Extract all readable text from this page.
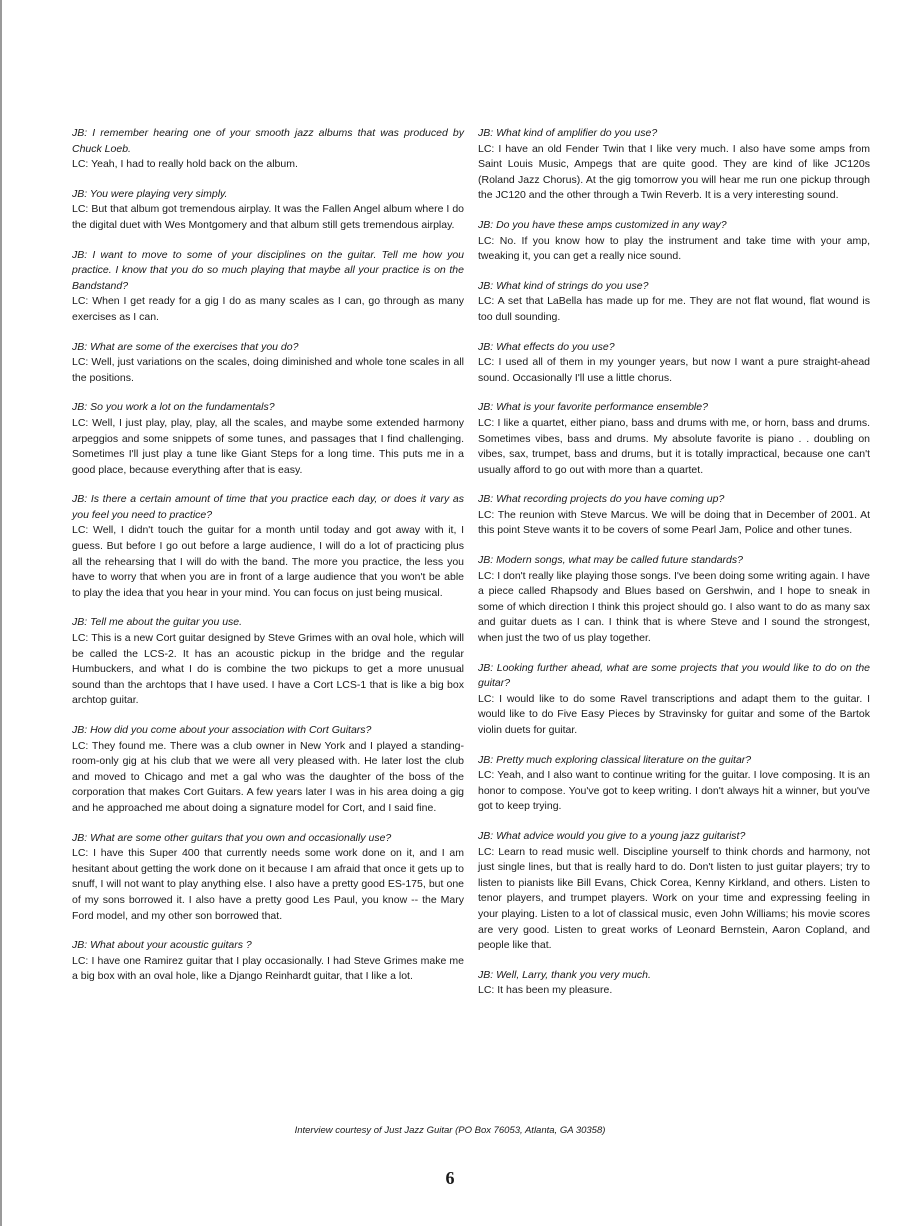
JB: I remember hearing one of your smooth jazz albums that was produced by Chuck Loeb.
LC: Yeah, I had to really hold back on the album.
JB: You were playing very simply.
LC: But that album got tremendous airplay. It was the Fallen Angel album where I do the digital duet with Wes Montgomery and that album still gets tremendous airplay.
JB: I want to move to some of your disciplines on the guitar. Tell me how you practice. I know that you do so much playing that maybe all your practice is on the Bandstand?
LC: When I get ready for a gig I do as many scales as I can, go through as many exercises as I can.
JB: What are some of the exercises that you do?
LC: Well, just variations on the scales, doing diminished and whole tone scales in all the positions.
JB: So you work a lot on the fundamentals?
LC: Well, I just play, play, play, all the scales, and maybe some extended harmony arpeggios and some snippets of some tunes, and passages that I find challenging. Sometimes I'll just play a tune like Giant Steps for a long time. This puts me in a good place, because everything after that is easy.
JB: Is there a certain amount of time that you practice each day, or does it vary as you feel you need to practice?
LC: Well, I didn't touch the guitar for a month until today and got away with it, I guess. But before I go out before a large audience, I will do a lot of practicing plus all the rehearsing that I will do with the band. The more you practice, the less you have to worry that when you are in front of a large audience that you won't be able to play the idea that you hear in your mind. You can focus on just being musical.
JB: Tell me about the guitar you use.
LC: This is a new Cort guitar designed by Steve Grimes with an oval hole, which will be called the LCS-2. It has an acoustic pickup in the bridge and the regular Humbuckers, and what I do is combine the two pickups to get a more unusual sound than the archtops that I have used. I have a Cort LCS-1 that is like a big box archtop guitar.
JB: How did you come about your association with Cort Guitars?
LC: They found me. There was a club owner in New York and I played a standing-room-only gig at his club that we were all very pleased with. He later lost the club and moved to Chicago and met a gal who was the daughter of the boss of the corporation that makes Cort Guitars. A few years later I was in his area doing a gig and he approached me about doing a signature model for Cort, and I said fine.
JB: What are some other guitars that you own and occasionally use?
LC: I have this Super 400 that currently needs some work done on it, and I am hesitant about getting the work done on it because I am afraid that once it gets up to snuff, I will not want to play anything else. I also have a pretty good ES-175, but one of my sons borrowed it. I also have a pretty good Les Paul, you know -- the Mary Ford model, and my other son borrowed that.
JB: What about your acoustic guitars ?
LC: I have one Ramirez guitar that I play occasionally. I had Steve Grimes make me a big box with an oval hole, like a Django Reinhardt guitar, that I like a lot.
JB: What kind of amplifier do you use?
LC: I have an old Fender Twin that I like very much. I also have some amps from Saint Louis Music, Ampegs that are quite good. They are kind of like JC120s (Roland Jazz Chorus). At the gig tomorrow you will hear me run one pickup through the JC120 and the other through a Twin Reverb. It is a very interesting sound.
JB: Do you have these amps customized in any way?
LC: No. If you know how to play the instrument and take time with your amp, tweaking it, you can get a really nice sound.
JB: What kind of strings do you use?
LC: A set that LaBella has made up for me. They are not flat wound, flat wound is too dull sounding.
JB: What effects do you use?
LC: I used all of them in my younger years, but now I want a pure straight-ahead sound. Occasionally I'll use a little chorus.
JB: What is your favorite performance ensemble?
LC: I like a quartet, either piano, bass and drums with me, or horn, bass and drums. Sometimes vibes, bass and drums. My absolute favorite is piano . . doubling on vibes, sax, trumpet, bass and drums, but it is totally impractical, because one can't usually afford to go out with more than a quartet.
JB: What recording projects do you have coming up?
LC: The reunion with Steve Marcus. We will be doing that in December of 2001. At this point Steve wants it to be covers of some Pearl Jam, Police and other tunes.
JB: Modern songs, what may be called future standards?
LC: I don't really like playing those songs. I've been doing some writing again. I have a piece called Rhapsody and Blues based on Gershwin, and I hope to sneak in some of which direction I think this project should go. I also want to do as many sax and guitar duets as I can. I think that is where Steve and I sound the strongest, when just the two of us play together.
JB: Looking further ahead, what are some projects that you would like to do on the guitar?
LC: I would like to do some Ravel transcriptions and adapt them to the guitar. I would like to do Five Easy Pieces by Stravinsky for guitar and some of the Bartok violin duets for guitar.
JB: Pretty much exploring classical literature on the guitar?
LC: Yeah, and I also want to continue writing for the guitar. I love composing. It is an honor to compose. You've got to keep writing. I don't always hit a winner, but you've got to keep trying.
JB: What advice would you give to a young jazz guitarist?
LC: Learn to read music well. Discipline yourself to think chords and harmony, not just single lines, but that is really hard to do. Don't listen to just guitar players; try to listen to pianists like Bill Evans, Chick Corea, Kenny Kirkland, and others. Listen to tenor players, and trumpet players. Work on your time and expressing feeling in your playing. Listen to a lot of classical music, even John Williams; his movie scores are very good. Listen to great works of Leonard Bernstein, Aaron Copland, and people like that.
JB: Well, Larry, thank you very much.
LC: It has been my pleasure.
Interview courtesy of Just Jazz Guitar (PO Box 76053, Atlanta, GA 30358)
6
